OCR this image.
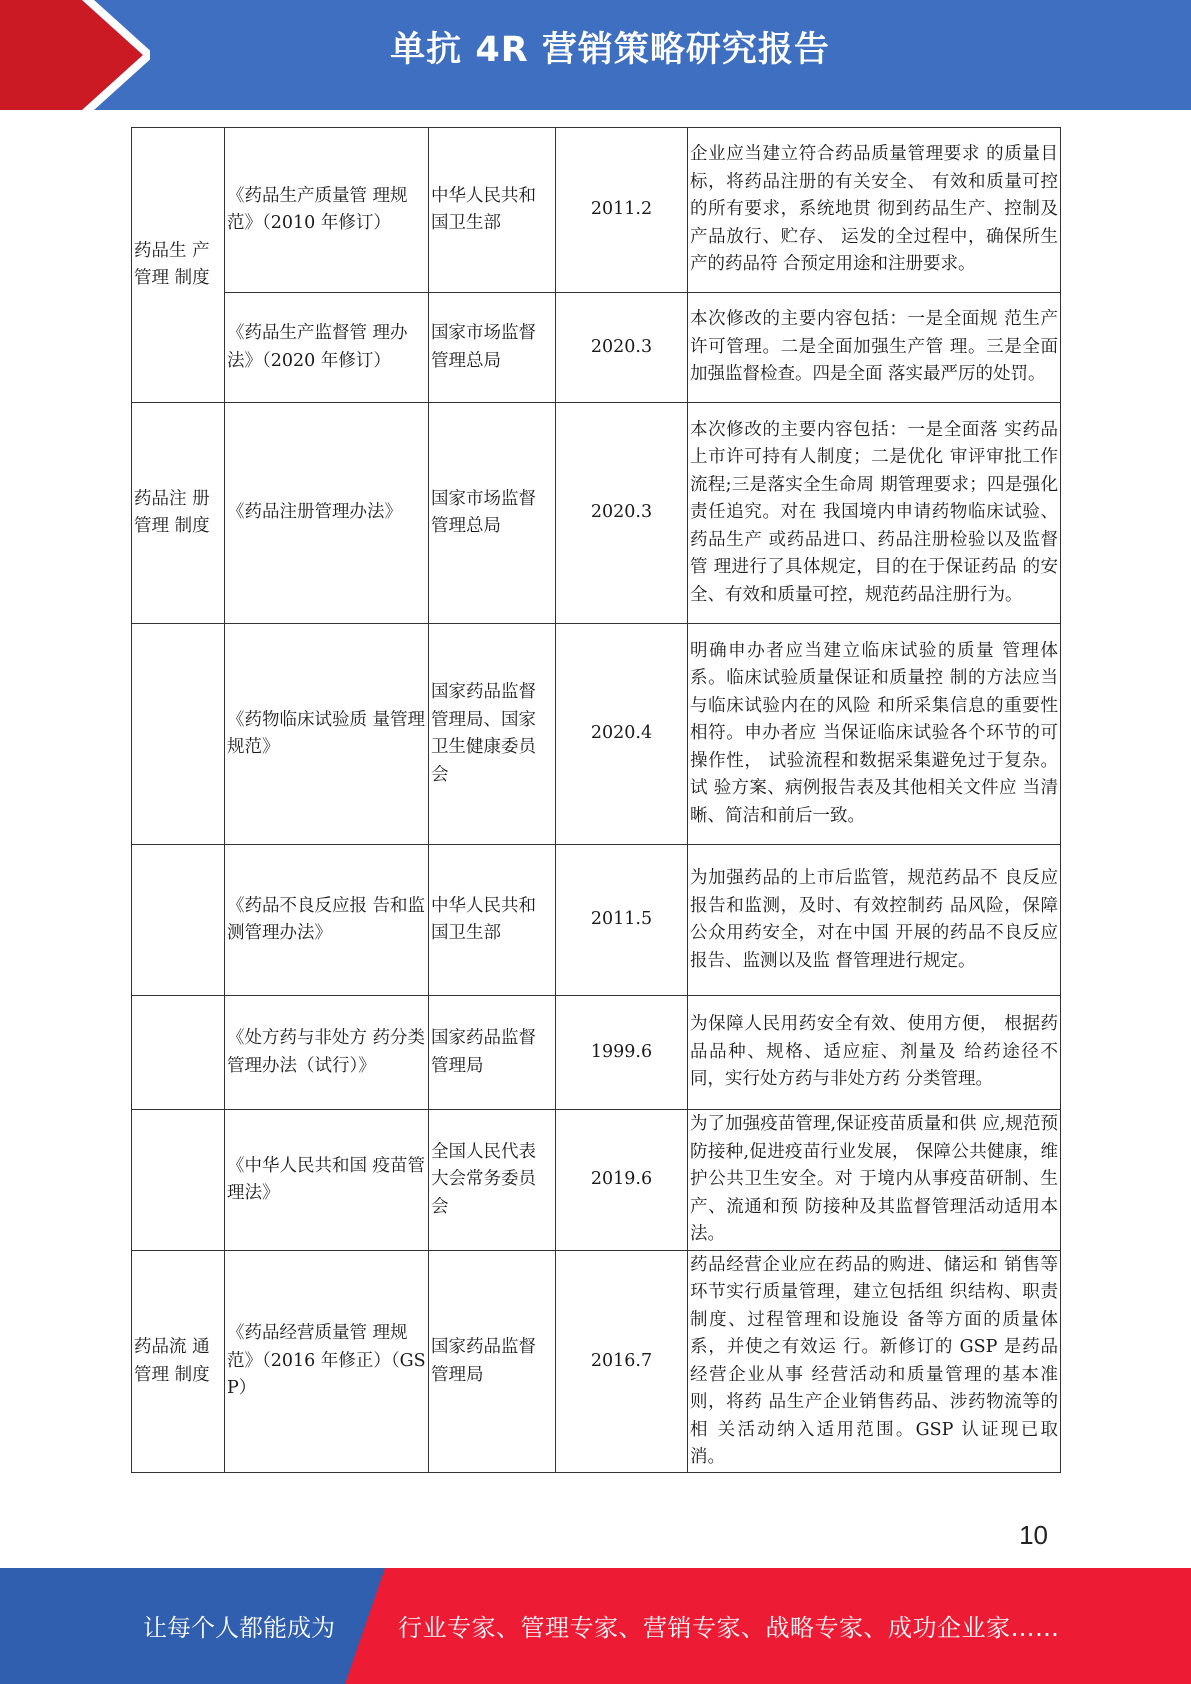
单抗 4R 营销策略研究报告
药品生 产管理 制度	《药品生产质量管 理规范》（2010 年修订）	中华人民共和国卫生部	2011.2	企业应当建立符合药品质量管理要求 的质量目标，将药品注册的有关安全、 有效和质量可控的所有要求，系统地贯 彻到药品生产、控制及产品放行、贮存、 运发的全过程中，确保所生产的药品符 合预定用途和注册要求。
	《药品生产监督管 理办法》（2020 年修订）	国家市场监督管理总局	2020.3	本次修改的主要内容包括：一是全面规 范生产许可管理。二是全面加强生产管 理。三是全面加强监督检查。四是全面 落实最严厉的处罚。
药品注 册管理 制度	《药品注册管理办法》	国家市场监督管理总局	2020.3	本次修改的主要内容包括：一是全面落 实药品上市许可持有人制度；二是优化 审评审批工作流程;三是落实全生命周 期管理要求；四是强化责任追究。对在 我国境内申请药物临床试验、药品生产 或药品进口、药品注册检验以及监督管 理进行了具体规定，目的在于保证药品 的安全、有效和质量可控，规范药品注册行为。
	《药物临床试验质 量管理规范》	国家药品监督管理局、国家卫生健康委员会	2020.4	明确申办者应当建立临床试验的质量 管理体系。临床试验质量保证和质量控 制的方法应当与临床试验内在的风险 和所采集信息的重要性相符。申办者应 当保证临床试验各个环节的可操作性， 试验流程和数据采集避免过于复杂。试 验方案、病例报告表及其他相关文件应 当清晰、简洁和前后一致。
	《药品不良反应报 告和监测管理办法》	中华人民共和国卫生部	2011.5	为加强药品的上市后监管，规范药品不 良反应报告和监测，及时、有效控制药 品风险，保障公众用药安全，对在中国 开展的药品不良反应报告、监测以及监 督管理进行规定。
	《处方药与非处方 药分类管理办法（试行）》	国家药品监督管理局	1999.6	为保障人民用药安全有效、使用方便， 根据药品品种、规格、适应症、剂量及 给药途径不同，实行处方药与非处方药 分类管理。
	《中华人民共和国 疫苗管理法》	全国人民代表大会常务委员会	2019.6	为了加强疫苗管理,保证疫苗质量和供 应,规范预防接种,促进疫苗行业发展， 保障公共健康，维护公共卫生安全。对 于境内从事疫苗研制、生产、流通和预 防接种及其监督管理活动适用本法。
药品流 通管理 制度	《药品经营质量管 理规范》（2016 年修正）（GSP）	国家药品监督管理局	2016.7	药品经营企业应在药品的购进、储运和 销售等环节实行质量管理，建立包括组 织结构、职责制度、过程管理和设施设 备等方面的质量体系，并使之有效运 行。新修订的 GSP 是药品经营企业从事 经营活动和质量管理的基本准则，将药 品生产企业销售药品、涉药物流等的相 关活动纳入适用范围。GSP 认证现已取 消。
10
让每个人都能成为	行业专家、管理专家、营销专家、战略专家、成功企业家……
